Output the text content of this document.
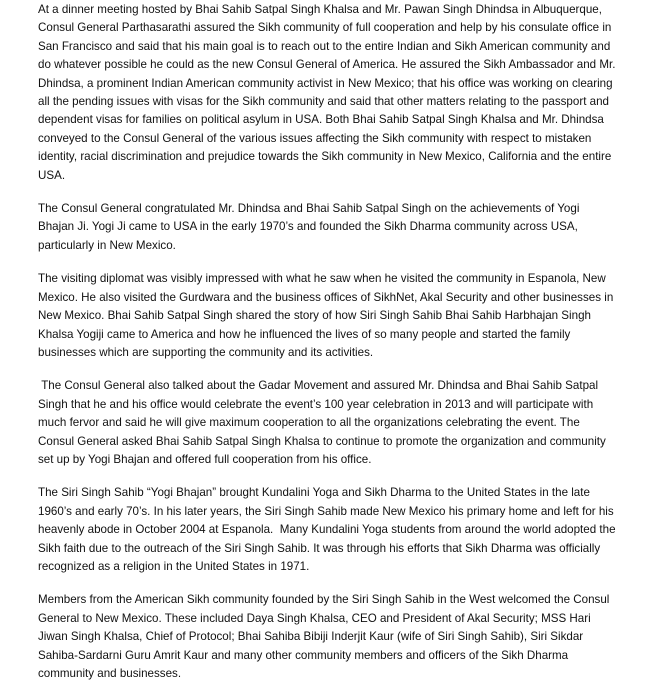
At a dinner meeting hosted by Bhai Sahib Satpal Singh Khalsa and Mr. Pawan Singh Dhindsa in Albuquerque, Consul General Parthasarathi assured the Sikh community of full cooperation and help by his consulate office in San Francisco and said that his main goal is to reach out to the entire Indian and Sikh American community and do whatever possible he could as the new Consul General of America. He assured the Sikh Ambassador and Mr. Dhindsa, a prominent Indian American community activist in New Mexico; that his office was working on clearing all the pending issues with visas for the Sikh community and said that other matters relating to the passport and dependent visas for families on political asylum in USA. Both Bhai Sahib Satpal Singh Khalsa and Mr. Dhindsa conveyed to the Consul General of the various issues affecting the Sikh community with respect to mistaken identity, racial discrimination and prejudice towards the Sikh community in New Mexico, California and the entire USA.

The Consul General congratulated Mr. Dhindsa and Bhai Sahib Satpal Singh on the achievements of Yogi Bhajan Ji. Yogi Ji came to USA in the early 1970’s and founded the Sikh Dharma community across USA, particularly in New Mexico.

The visiting diplomat was visibly impressed with what he saw when he visited the community in Espanola, New Mexico. He also visited the Gurdwara and the business offices of SikhNet, Akal Security and other businesses in New Mexico. Bhai Sahib Satpal Singh shared the story of how Siri Singh Sahib Bhai Sahib Harbhajan Singh Khalsa Yogiji came to America and how he influenced the lives of so many people and started the family businesses which are supporting the community and its activities.

The Consul General also talked about the Gadar Movement and assured Mr. Dhindsa and Bhai Sahib Satpal Singh that he and his office would celebrate the event’s 100 year celebration in 2013 and will participate with much fervor and said he will give maximum cooperation to all the organizations celebrating the event. The Consul General asked Bhai Sahib Satpal Singh Khalsa to continue to promote the organization and community set up by Yogi Bhajan and offered full cooperation from his office.

The Siri Singh Sahib “Yogi Bhajan” brought Kundalini Yoga and Sikh Dharma to the United States in the late 1960’s and early 70’s. In his later years, the Siri Singh Sahib made New Mexico his primary home and left for his heavenly abode in October 2004 at Espanola.  Many Kundalini Yoga students from around the world adopted the Sikh faith due to the outreach of the Siri Singh Sahib. It was through his efforts that Sikh Dharma was officially recognized as a religion in the United States in 1971.

Members from the American Sikh community founded by the Siri Singh Sahib in the West welcomed the Consul General to New Mexico. These included Daya Singh Khalsa, CEO and President of Akal Security; MSS Hari Jiwan Singh Khalsa, Chief of Protocol; Bhai Sahiba Bibiji Inderjit Kaur (wife of Siri Singh Sahib), Siri Sikdar Sahiba-Sardarni Guru Amrit Kaur and many other community members and officers of the Sikh Dharma community and businesses.
